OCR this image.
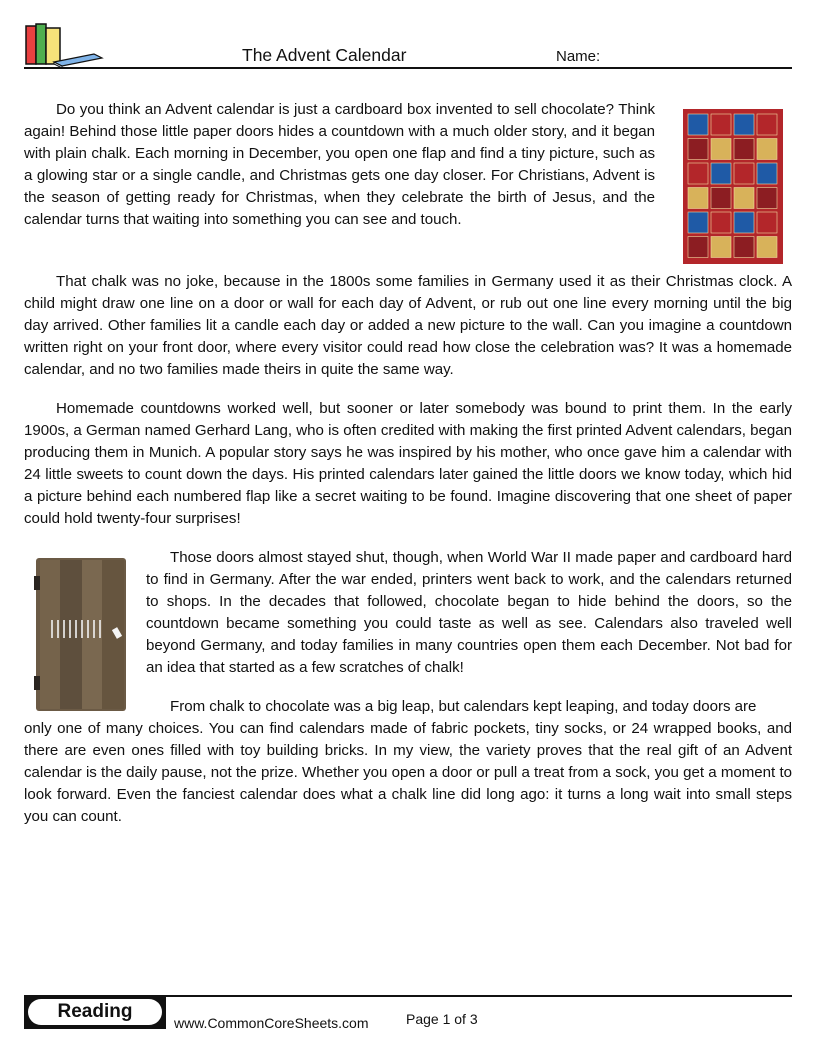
The Advent Calendar	Name:

Do you think an Advent calendar is just a cardboard box invented to sell chocolate? Think again! Behind those little paper doors hides a countdown with a much older story, and it began with plain chalk. Each morning in December, you open one flap and find a tiny picture, such as a glowing star or a single candle, and Christmas gets one day closer. For Christians, Advent is the season of getting ready for Christmas, when they celebrate the birth of Jesus, and the calendar turns that waiting into something you can see and touch.

That chalk was no joke, because in the 1800s some families in Germany used it as their Christmas clock. A child might draw one line on a door or wall for each day of Advent, or rub out one line every morning until the big day arrived. Other families lit a candle each day or added a new picture to the wall. Can you imagine a countdown written right on your front door, where every visitor could read how close the celebration was? It was a homemade calendar, and no two families made theirs in quite the same way.

Homemade countdowns worked well, but sooner or later somebody was bound to print them. In the early 1900s, a German named Gerhard Lang, who is often credited with making the first printed Advent calendars, began producing them in Munich. A popular story says he was inspired by his mother, who once gave him a calendar with 24 little sweets to count down the days. His printed calendars later gained the little doors we know today, which hid a picture behind each numbered flap like a secret waiting to be found. Imagine discovering that one sheet of paper could hold twenty-four surprises!

Those doors almost stayed shut, though, when World War II made paper and cardboard hard to find in Germany. After the war ended, printers went back to work, and the calendars returned to shops. In the decades that followed, chocolate began to hide behind the doors, so the countdown became something you could taste as well as see. Calendars also traveled well beyond Germany, and today families in many countries open them each December. Not bad for an idea that started as a few scratches of chalk!

From chalk to chocolate was a big leap, but calendars kept leaping, and today doors are

only one of many choices. You can find calendars made of fabric pockets, tiny socks, or 24 wrapped books, and there are even ones filled with toy building bricks. In my view, the variety proves that the real gift of an Advent calendar is the daily pause, not the prize. Whether you open a door or pull a treat from a sock, you get a moment to look forward. Even the fanciest calendar does what a chalk line did long ago: it turns a long wait into small steps you can count.

Reading
www.CommonCoreSheets.com	Page 1 of 3
